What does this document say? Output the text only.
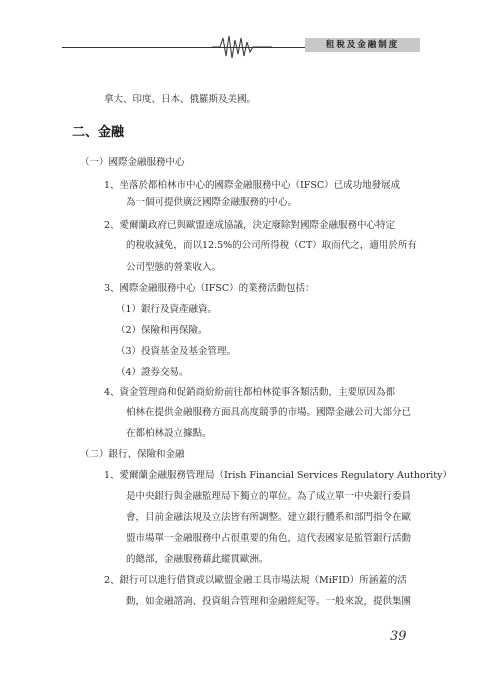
租稅及金融制度
拿大、印度、日本、俄羅斯及美國。
二、金融
（一）國際金融服務中心
1、坐落於都柏林市中心的國際金融服務中心（IFSC）已成功地發展成
為一個可提供廣泛國際金融服務的中心。
2、愛爾蘭政府已與歐盟達成協議，決定廢除對國際金融服務中心特定
的稅收減免，而以12.5%的公司所得稅（CT）取而代之，適用於所有
公司型態的營業收入。
3、國際金融服務中心（IFSC）的業務活動包括：
（1）銀行及資產融資。
（2）保險和再保險。
（3）投資基金及基金管理。
（4）證券交易。
4、資金管理商和促銷商紛紛前往都柏林從事各類活動，主要原因為都
柏林在提供金融服務方面具高度競爭的市場。國際金融公司大部分已
在都柏林設立據點。
（二）銀行、保險和金融
1、愛爾蘭金融服務管理局（Irish Financial Services Regulatory Authority）
是中央銀行與金融監理局下獨立的單位。為了成立單一中央銀行委員
會，目前金融法規及立法皆有所調整。建立銀行體系和部門指令在歐
盟市場單一金融服務中占很重要的角色，這代表國家是監管銀行活動
的總部，金融服務藉此縱貫歐洲。
2、銀行可以進行借貸或以歐盟金融工具市場法規（MiFID）所涵蓋的活
動，如金融諮詢、投資組合管理和金融經紀等。一般來說，提供集團
39
